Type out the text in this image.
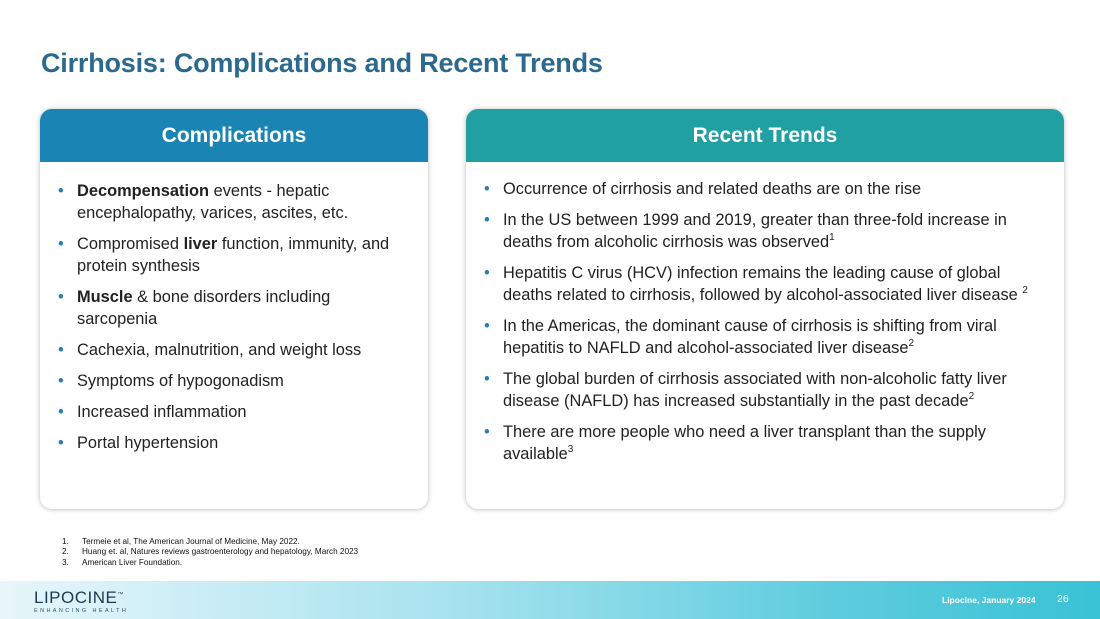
Cirrhosis: Complications and Recent Trends
Complications
• Decompensation events - hepatic encephalopathy, varices, ascites, etc.
• Compromised liver function, immunity, and protein synthesis
• Muscle & bone disorders including sarcopenia
• Cachexia, malnutrition, and weight loss
• Symptoms of hypogonadism
• Increased inflammation
• Portal hypertension
Recent Trends
• Occurrence of cirrhosis and related deaths are on the rise
• In the US between 1999 and 2019, greater than three-fold increase in deaths from alcoholic cirrhosis was observed$^1$
• Hepatitis C virus (HCV) infection remains the leading cause of global deaths related to cirrhosis, followed by alcohol-associated liver disease $^2$
• In the Americas, the dominant cause of cirrhosis is shifting from viral hepatitis to NAFLD and alcohol-associated liver disease$^2$
• The global burden of cirrhosis associated with non-alcoholic fatty liver disease (NAFLD) has increased substantially in the past decade$^2$
• There are more people who need a liver transplant than the supply available$^3$
1. Termeie et al, The American Journal of Medicine, May 2022.
2. Huang et. al, Natures reviews gastroenterology and hepatology, March 2023
3. American Liver Foundation.
LIPOCINE™
ENHANCING HEALTH
Lipocine, January 2024 26
